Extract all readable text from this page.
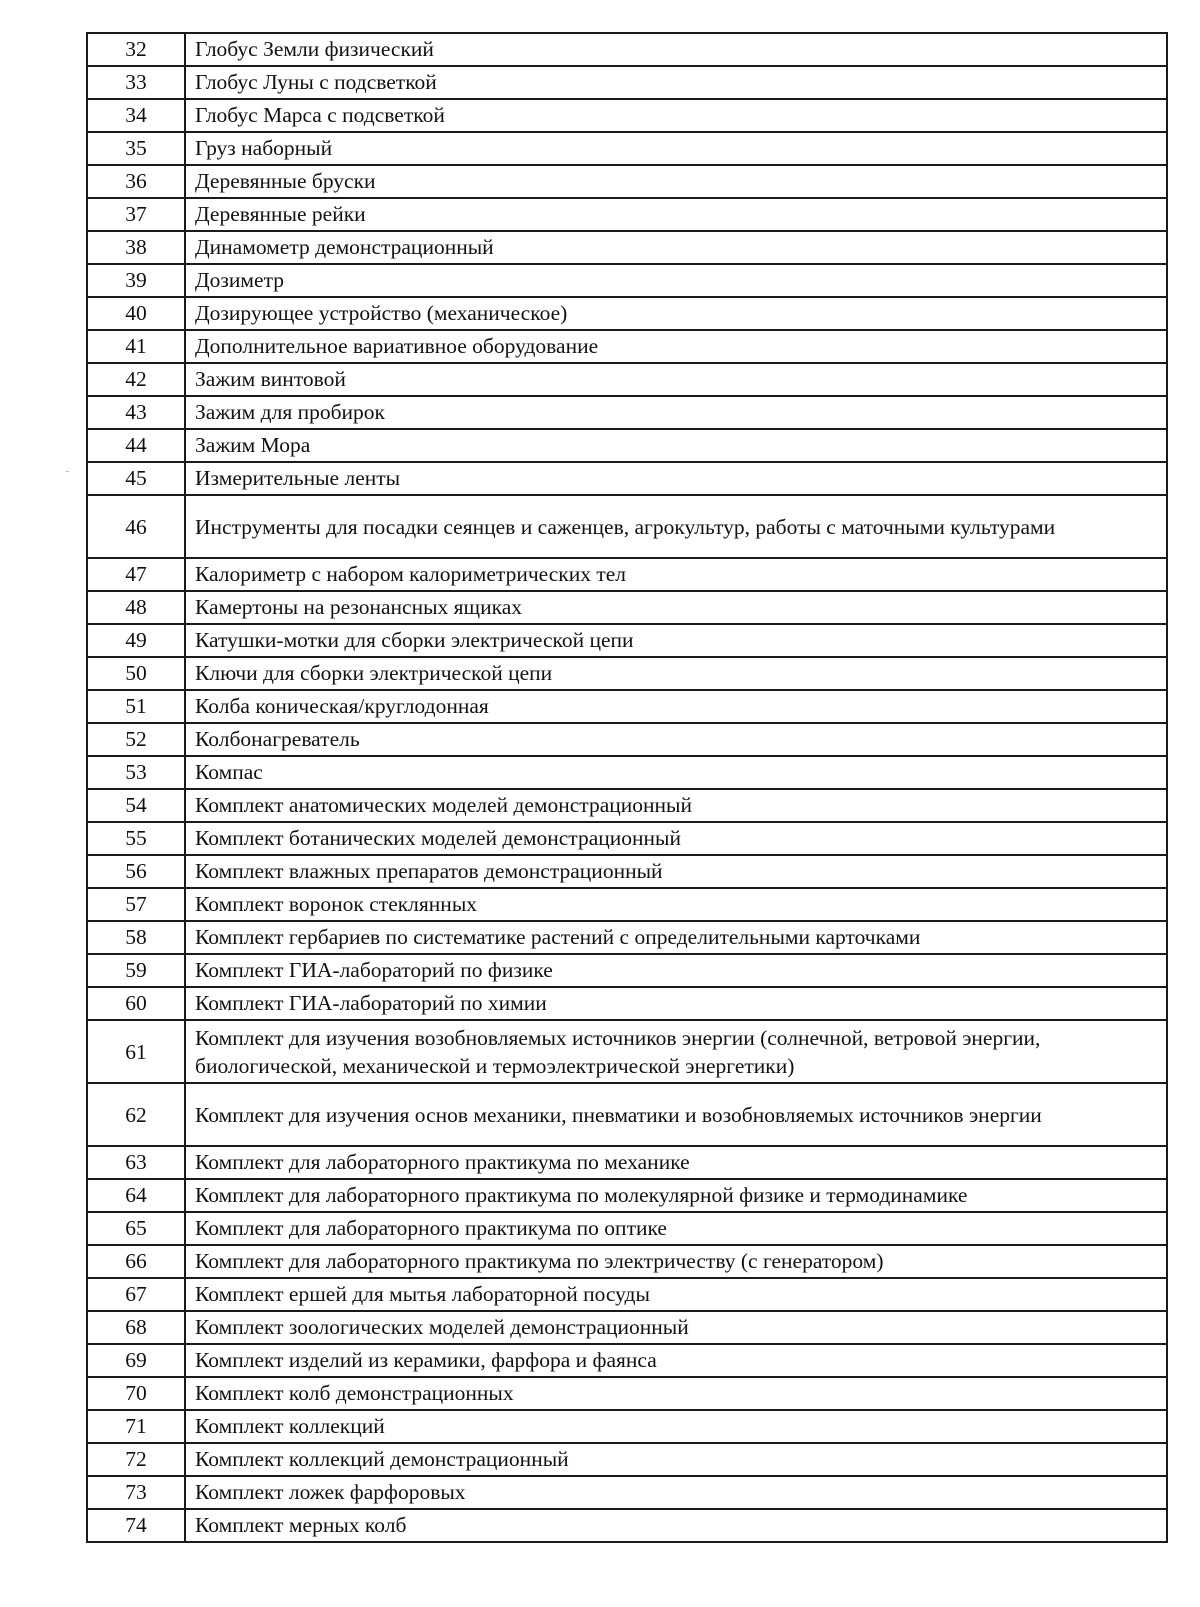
32	Глобус Земли физический
33	Глобус Луны с подсветкой
34	Глобус Марса с подсветкой
35	Груз наборный
36	Деревянные бруски
37	Деревянные рейки
38	Динамометр демонстрационный
39	Дозиметр
40	Дозирующее устройство (механическое)
41	Дополнительное вариативное оборудование
42	Зажим винтовой
43	Зажим для пробирок
44	Зажим Мора
45	Измерительные ленты
46	Инструменты для посадки сеянцев и саженцев, агрокультур, работы с маточными культурами
47	Калориметр с набором калориметрических тел
48	Камертоны на резонансных ящиках
49	Катушки-мотки для сборки электрической цепи
50	Ключи для сборки электрической цепи
51	Колба коническая/круглодонная
52	Колбонагреватель
53	Компас
54	Комплект анатомических моделей демонстрационный
55	Комплект ботанических моделей демонстрационный
56	Комплект влажных препаратов демонстрационный
57	Комплект воронок стеклянных
58	Комплект гербариев по систематике растений с определительными карточками
59	Комплект ГИА-лабораторий по физике
60	Комплект ГИА-лабораторий по химии
61	Комплект для изучения возобновляемых источников энергии (солнечной, ветровой энергии, биологической, механической и термоэлектрической энергетики)
62	Комплект для изучения основ механики, пневматики и возобновляемых источников энергии
63	Комплект для лабораторного практикума по механике
64	Комплект для лабораторного практикума по молекулярной физике и термодинамике
65	Комплект для лабораторного практикума по оптике
66	Комплект для лабораторного практикума по электричеству (с генератором)
67	Комплект ершей для мытья лабораторной посуды
68	Комплект зоологических моделей демонстрационный
69	Комплект изделий из керамики, фарфора и фаянса
70	Комплект колб демонстрационных
71	Комплект коллекций
72	Комплект коллекций демонстрационный
73	Комплект ложек фарфоровых
74	Комплект мерных колб
